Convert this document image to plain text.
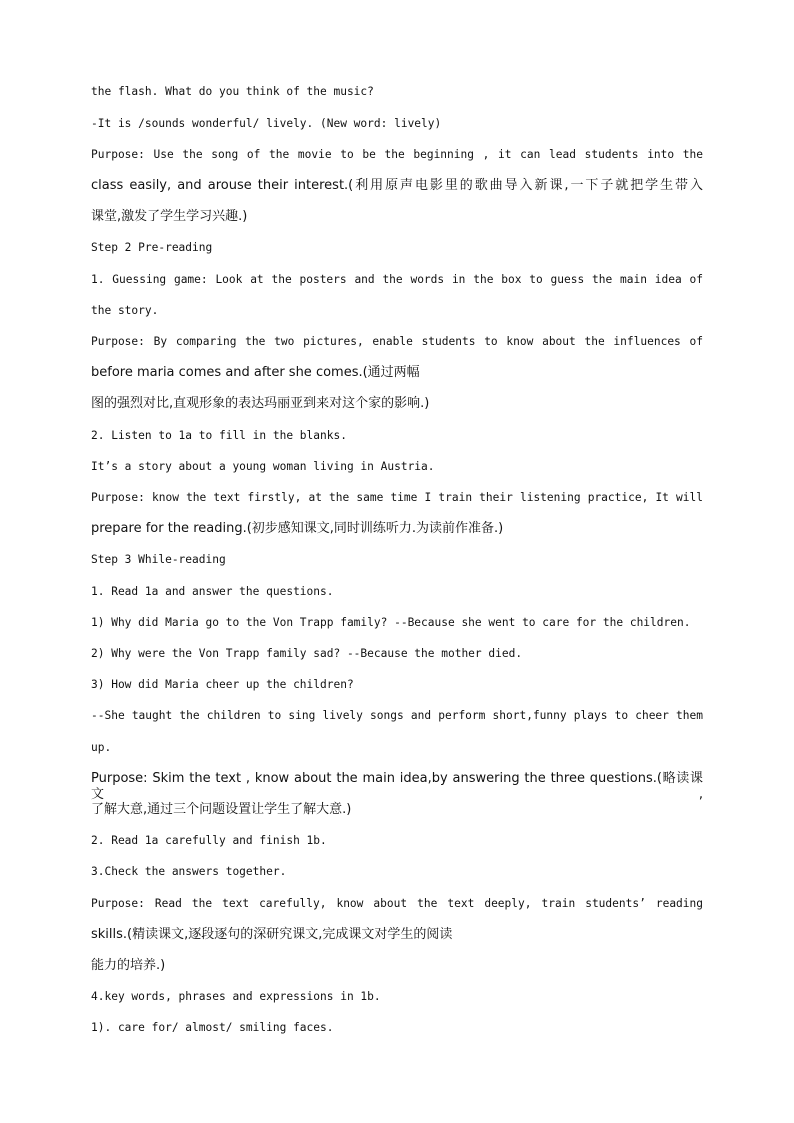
the flash. What do you think of the music?
-It is /sounds wonderful/ lively. (New word: lively)
Purpose: Use the song of the movie to be the beginning , it can lead students into the
class easily, and arouse their interest.(利用原声电影里的歌曲导入新课,一下子就把学生带入
课堂,激发了学生学习兴趣.)
Step 2 Pre-reading
1. Guessing game: Look at the posters and the words in the box to guess the main idea of
the story.
Purpose: By comparing the two pictures, enable students to know about the influences of
before maria comes and after she comes.(通过两幅
图的强烈对比,直观形象的表达玛丽亚到来对这个家的影响.)
2. Listen to 1a to fill in the blanks.
It’s a story about a young woman living in Austria.
Purpose: know the text firstly, at the same time I train their listening practice, It will
prepare for the reading.(初步感知课文,同时训练听力.为读前作准备.)
Step 3 While-reading
1. Read 1a and answer the questions.
1) Why did Maria go to the Von Trapp family? --Because she went to care for the children.
2) Why were the Von Trapp family sad? --Because the mother died.
3) How did Maria cheer up the children?
--She taught the children to sing lively songs and perform short,funny plays to cheer them
up.
Purpose: Skim the text , know about the main idea,by answering the three questions.(略读课文,
了解大意,通过三个问题设置让学生了解大意.)
2. Read 1a carefully and finish 1b.
3.Check the answers together.
Purpose: Read the text carefully, know about the text deeply, train students’ reading
skills.(精读课文,逐段逐句的深研究课文,完成课文对学生的阅读
能力的培养.)
4.key words, phrases and expressions in 1b.
1). care for/ almost/ smiling faces.
